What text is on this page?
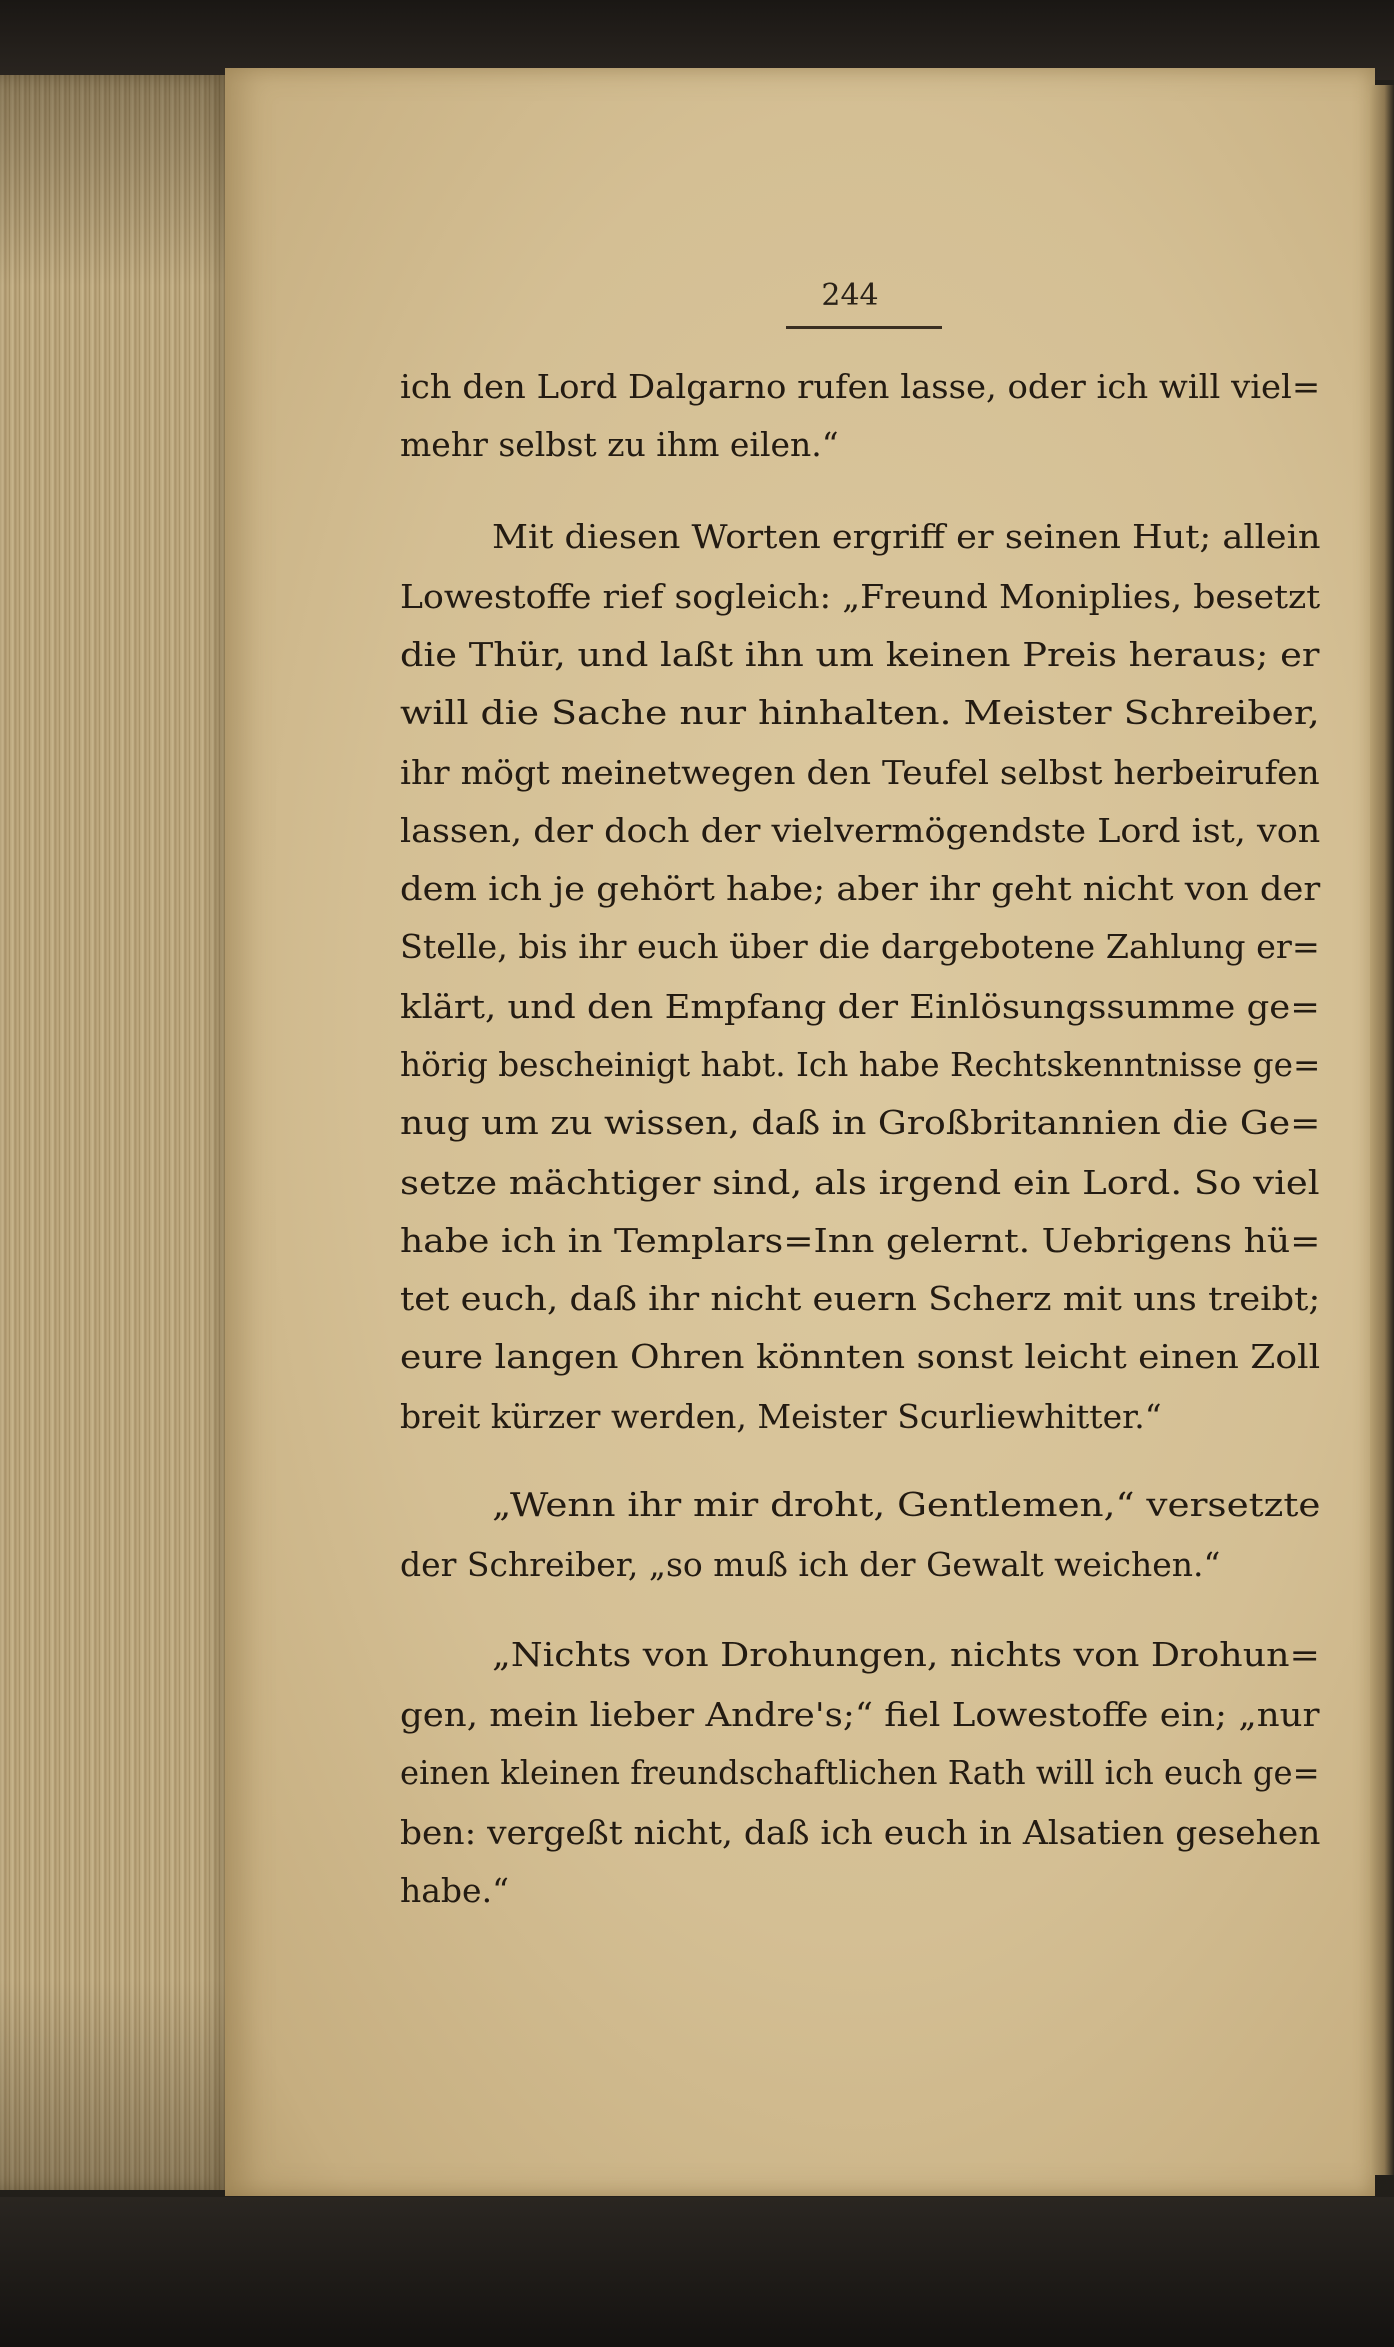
244
ich den Lord Dalgarno rufen lasse, oder ich will viel=
mehr selbst zu ihm eilen.“
Mit diesen Worten ergriff er seinen Hut; allein
Lowestoffe rief sogleich: „Freund Moniplies, besetzt
die Thür, und laßt ihn um keinen Preis heraus; er
will die Sache nur hinhalten. Meister Schreiber,
ihr mögt meinetwegen den Teufel selbst herbeirufen
lassen, der doch der vielvermögendste Lord ist, von
dem ich je gehört habe; aber ihr geht nicht von der
Stelle, bis ihr euch über die dargebotene Zahlung er=
klärt, und den Empfang der Einlösungssumme ge=
hörig bescheinigt habt. Ich habe Rechtskenntnisse ge=
nug um zu wissen, daß in Großbritannien die Ge=
setze mächtiger sind, als irgend ein Lord. So viel
habe ich in Templars=Inn gelernt. Uebrigens hü=
tet euch, daß ihr nicht euern Scherz mit uns treibt;
eure langen Ohren könnten sonst leicht einen Zoll
breit kürzer werden, Meister Scurliewhitter.“
„Wenn ihr mir droht, Gentlemen,“ versetzte
der Schreiber, „so muß ich der Gewalt weichen.“
„Nichts von Drohungen, nichts von Drohun=
gen, mein lieber Andre's;“ fiel Lowestoffe ein; „nur
einen kleinen freundschaftlichen Rath will ich euch ge=
ben: vergeßt nicht, daß ich euch in Alsatien gesehen
habe.“
